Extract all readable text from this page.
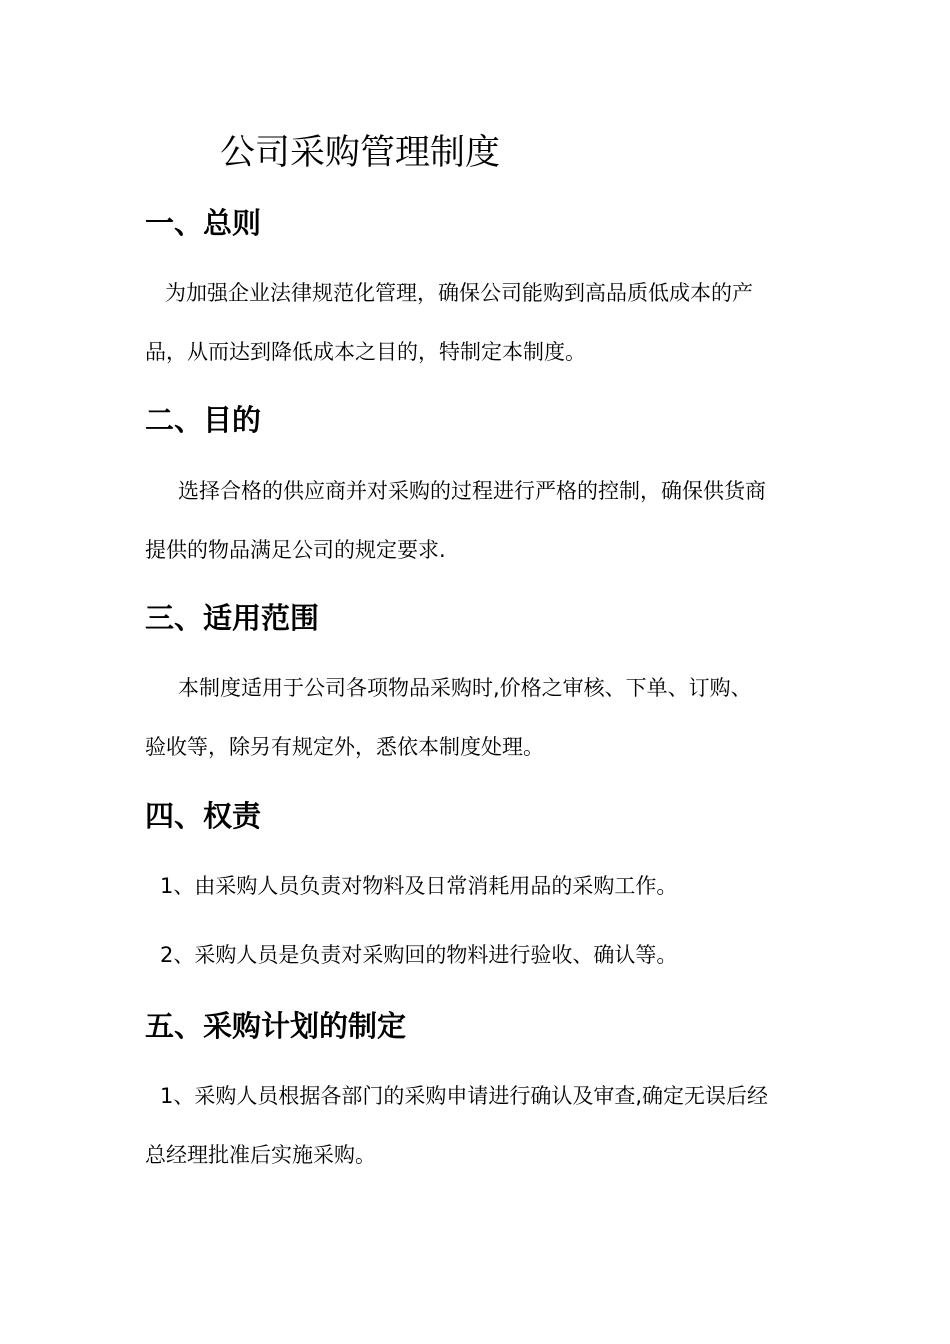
公司采购管理制度
一、总则
为加强企业法律规范化管理，确保公司能购到高品质低成本的产
品，从而达到降低成本之目的，特制定本制度。
二、目的
选择合格的供应商并对采购的过程进行严格的控制，确保供货商
提供的物品满足公司的规定要求.
三、适用范围
本制度适用于公司各项物品采购时,价格之审核、下单、订购、
验收等，除另有规定外，悉依本制度处理。
四、权责
1、由采购人员负责对物料及日常消耗用品的采购工作。
2、采购人员是负责对采购回的物料进行验收、确认等。
五、采购计划的制定
1、采购人员根据各部门的采购申请进行确认及审查,确定无误后经
总经理批准后实施采购。
